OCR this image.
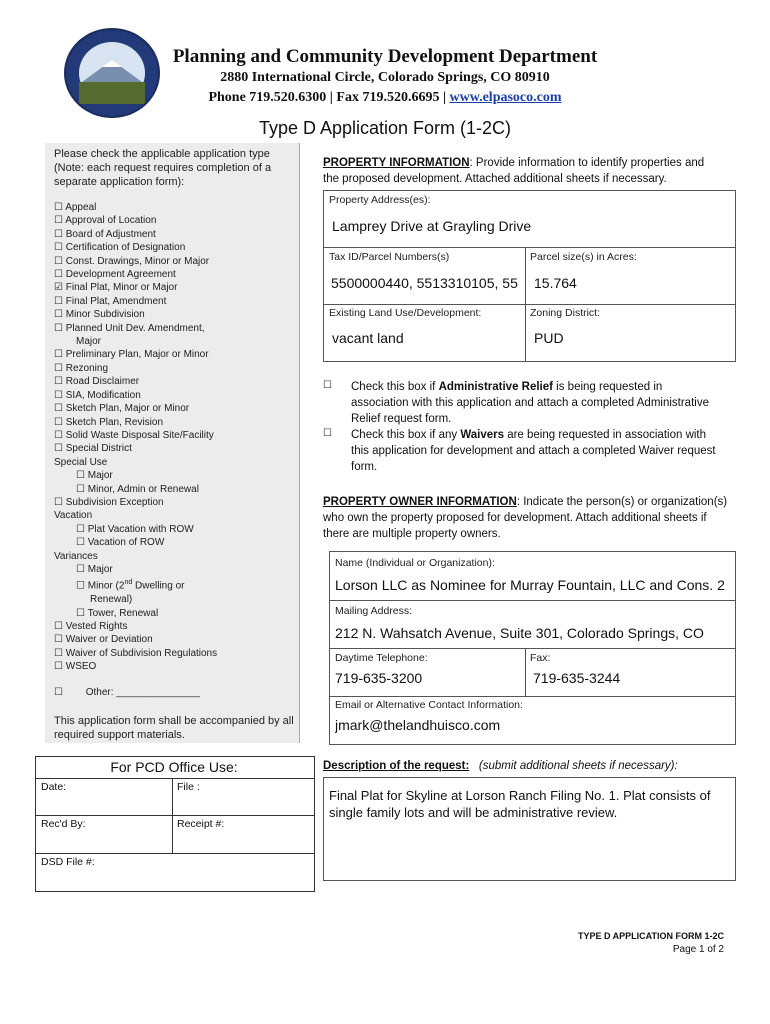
Planning and Community Development Department
2880 International Circle, Colorado Springs, CO 80910
Phone 719.520.6300 | Fax 719.520.6695 | www.elpasoco.com
Type D Application Form (1-2C)
Please check the applicable application type (Note: each request requires completion of a separate application form):
☐ Appeal
☐ Approval of Location
☐ Board of Adjustment
☐ Certification of Designation
☐ Const. Drawings, Minor or Major
☐ Development Agreement
☑ Final Plat, Minor or Major
☐ Final Plat, Amendment
☐ Minor Subdivision
☐ Planned Unit Dev. Amendment,
Major
☐ Preliminary Plan, Major or Minor
☐ Rezoning
☐ Road Disclaimer
☐ SIA, Modification
☐ Sketch Plan, Major or Minor
☐ Sketch Plan, Revision
☐ Solid Waste Disposal Site/Facility
☐ Special District
Special Use
☐ Major
☐ Minor, Admin or Renewal
☐ Subdivision Exception
Vacation
☐ Plat Vacation with ROW
☐ Vacation of ROW
Variances
☐ Major
☐ Minor (2nd Dwelling or
Renewal)
☐ Tower, Renewal
☐ Vested Rights
☐ Waiver or Deviation
☐ Waiver of Subdivision Regulations
☐ WSEO
☐ Other: _______________
This application form shall be accompanied by all required support materials.
For PCD Office Use:
Date:	File :
Rec'd By:	Receipt #:
DSD File #:
PROPERTY INFORMATION: Provide information to identify properties and the proposed development. Attached additional sheets if necessary.
Property Address(es):
Lamprey Drive at Grayling Drive
Tax ID/Parcel Numbers(s)
5500000440, 5513310105, 55
Parcel size(s) in Acres:
15.764
Existing Land Use/Development:
vacant land
Zoning District:
PUD
☐ Check this box if Administrative Relief is being requested in association with this application and attach a completed Administrative Relief request form.
☐ Check this box if any Waivers are being requested in association with this application for development and attach a completed Waiver request form.
PROPERTY OWNER INFORMATION: Indicate the person(s) or organization(s) who own the property proposed for development. Attach additional sheets if there are multiple property owners.
Name (Individual or Organization):
Lorson LLC as Nominee for Murray Fountain, LLC and Cons. 2
Mailing Address:
212 N. Wahsatch Avenue, Suite 301, Colorado Springs, CO
Daytime Telephone:
719-635-3200
Fax:
719-635-3244
Email or Alternative Contact Information:
jmark@thelandhuisco.com
Description of the request: (submit additional sheets if necessary):
Final Plat for Skyline at Lorson Ranch Filing No. 1. Plat consists of single family lots and will be administrative review.
TYPE D APPLICATION FORM 1-2C
Page 1 of 2
